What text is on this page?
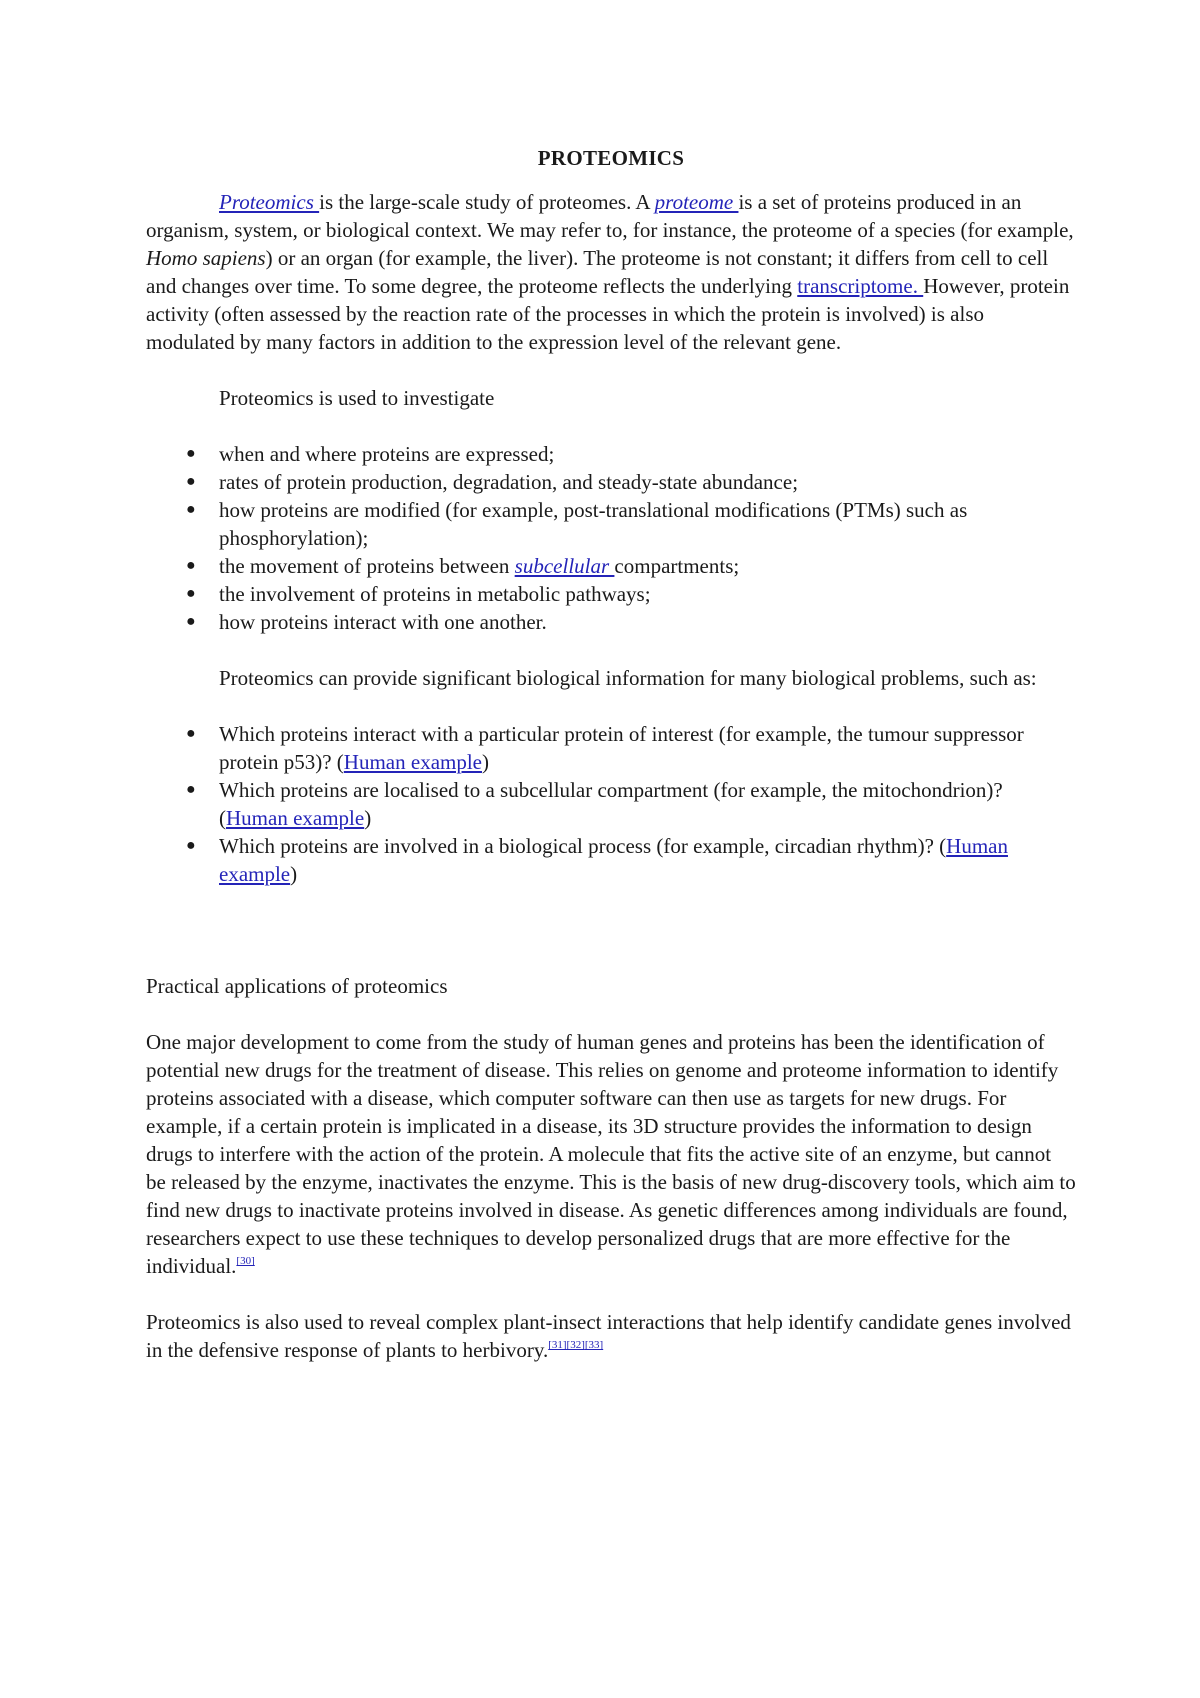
PROTEOMICS

Proteomics is the large-scale study of proteomes. A proteome is a set of proteins produced in an organism, system, or biological context. We may refer to, for instance, the proteome of a species (for example, Homo sapiens) or an organ (for example, the liver). The proteome is not constant; it differs from cell to cell and changes over time. To some degree, the proteome reflects the underlying transcriptome. However, protein activity (often assessed by the reaction rate of the processes in which the protein is involved) is also modulated by many factors in addition to the expression level of the relevant gene.

Proteomics is used to investigate

● when and where proteins are expressed;
● rates of protein production, degradation, and steady-state abundance;
● how proteins are modified (for example, post-translational modifications (PTMs) such as phosphorylation);
● the movement of proteins between subcellular compartments;
● the involvement of proteins in metabolic pathways;
● how proteins interact with one another.

Proteomics can provide significant biological information for many biological problems, such as:

● Which proteins interact with a particular protein of interest (for example, the tumour suppressor protein p53)? (Human example)
● Which proteins are localised to a subcellular compartment (for example, the mitochondrion)? (Human example)
● Which proteins are involved in a biological process (for example, circadian rhythm)? (Human example)

Practical applications of proteomics

One major development to come from the study of human genes and proteins has been the identification of potential new drugs for the treatment of disease. This relies on genome and proteome information to identify proteins associated with a disease, which computer software can then use as targets for new drugs. For example, if a certain protein is implicated in a disease, its 3D structure provides the information to design drugs to interfere with the action of the protein. A molecule that fits the active site of an enzyme, but cannot be released by the enzyme, inactivates the enzyme. This is the basis of new drug-discovery tools, which aim to find new drugs to inactivate proteins involved in disease. As genetic differences among individuals are found, researchers expect to use these techniques to develop personalized drugs that are more effective for the individual.[30]

Proteomics is also used to reveal complex plant-insect interactions that help identify candidate genes involved in the defensive response of plants to herbivory.[31][32][33]
